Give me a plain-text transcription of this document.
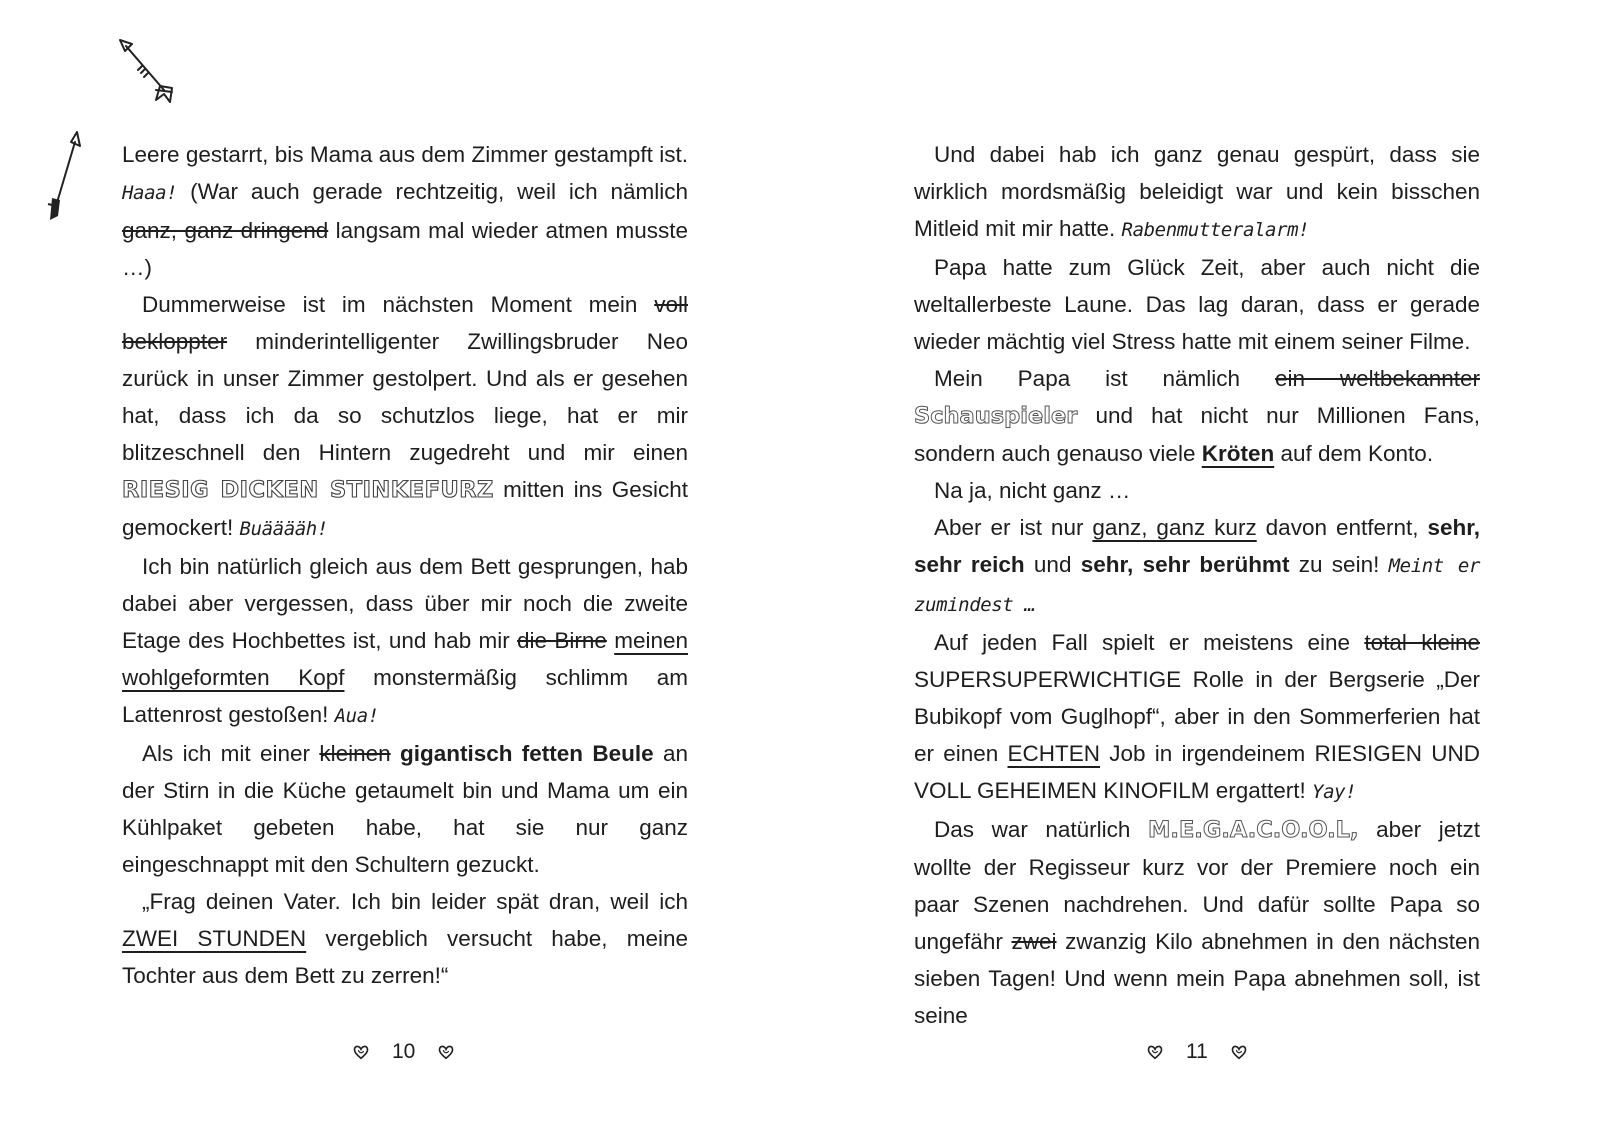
Leere gestarrt, bis Mama aus dem Zimmer gestampft ist. Haaa! (War auch gerade rechtzeitig, weil ich nämlich ganz, ganz dringend langsam mal wieder atmen musste …)

Dummerweise ist im nächsten Moment mein voll bekloppter minderintelligenter Zwillingsbruder Neo zurück in unser Zimmer gestolpert. Und als er gesehen hat, dass ich da so schutzlos liege, hat er mir blitzeschnell den Hintern zugedreht und mir einen RIESIG DICKEN STINKEFURZ mitten ins Gesicht gemockert! Buääääh!

Ich bin natürlich gleich aus dem Bett gesprungen, hab dabei aber vergessen, dass über mir noch die zweite Etage des Hochbettes ist, und hab mir die Birne meinen wohlgeformten Kopf monstermäßig schlimm am Lattenrost gestoßen! Aua!

Als ich mit einer kleinen gigantisch fetten Beule an der Stirn in die Küche getaumelt bin und Mama um ein Kühlpaket gebeten habe, hat sie nur ganz eingeschnappt mit den Schultern gezuckt.

„Frag deinen Vater. Ich bin leider spät dran, weil ich ZWEI STUNDEN vergeblich versucht habe, meine Tochter aus dem Bett zu zerren!“

Und dabei hab ich ganz genau gespürt, dass sie wirklich mordsmäßig beleidigt war und kein bisschen Mitleid mit mir hatte. Rabenmutteralarm!

Papa hatte zum Glück Zeit, aber auch nicht die weltallerbeste Laune. Das lag daran, dass er gerade wieder mächtig viel Stress hatte mit einem seiner Filme.

Mein Papa ist nämlich ein weltbekannter Schauspieler und hat nicht nur Millionen Fans, sondern auch genauso viele Kröten auf dem Konto.

Na ja, nicht ganz …

Aber er ist nur ganz, ganz kurz davon entfernt, sehr, sehr reich und sehr, sehr berühmt zu sein! Meint er zumindest …

Auf jeden Fall spielt er meistens eine total kleine SUPERSUPERWICHTIGE Rolle in der Bergserie „Der Bubikopf vom Guglhopf“, aber in den Sommerferien hat er einen ECHTEN Job in irgendeinem RIESIGEN UND VOLL GEHEIMEN KINOFILM ergattert! Yay!

Das war natürlich M.E.G.A.C.O.O.L, aber jetzt wollte der Regisseur kurz vor der Premiere noch ein paar Szenen nachdrehen. Und dafür sollte Papa so ungefähr zwei zwanzig Kilo abnehmen in den nächsten sieben Tagen! Und wenn mein Papa abnehmen soll, ist seine

10	11
